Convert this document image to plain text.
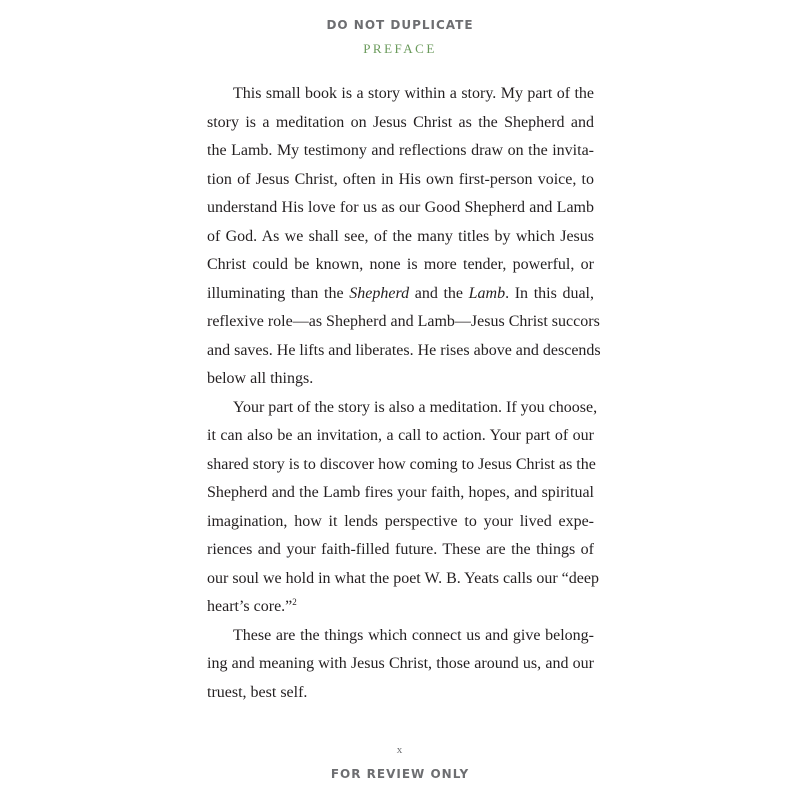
DO NOT DUPLICATE
PREFACE
This small book is a story within a story. My part of the
story is a meditation on Jesus Christ as the Shepherd and
the Lamb. My testimony and reflections draw on the invita-
tion of Jesus Christ, often in His own first-person voice, to
understand His love for us as our Good Shepherd and Lamb
of God. As we shall see, of the many titles by which Jesus
Christ could be known, none is more tender, powerful, or
illuminating than the Shepherd and the Lamb. In this dual,
reflexive role—as Shepherd and Lamb—Jesus Christ succors
and saves. He lifts and liberates. He rises above and descends
below all things.
Your part of the story is also a meditation. If you choose,
it can also be an invitation, a call to action. Your part of our
shared story is to discover how coming to Jesus Christ as the
Shepherd and the Lamb fires your faith, hopes, and spiritual
imagination, how it lends perspective to your lived expe-
riences and your faith-filled future. These are the things of
our soul we hold in what the poet W. B. Yeats calls our “deep
heart’s core.”$^2$
These are the things which connect us and give belong-
ing and meaning with Jesus Christ, those around us, and our
truest, best self.
x
FOR REVIEW ONLY
